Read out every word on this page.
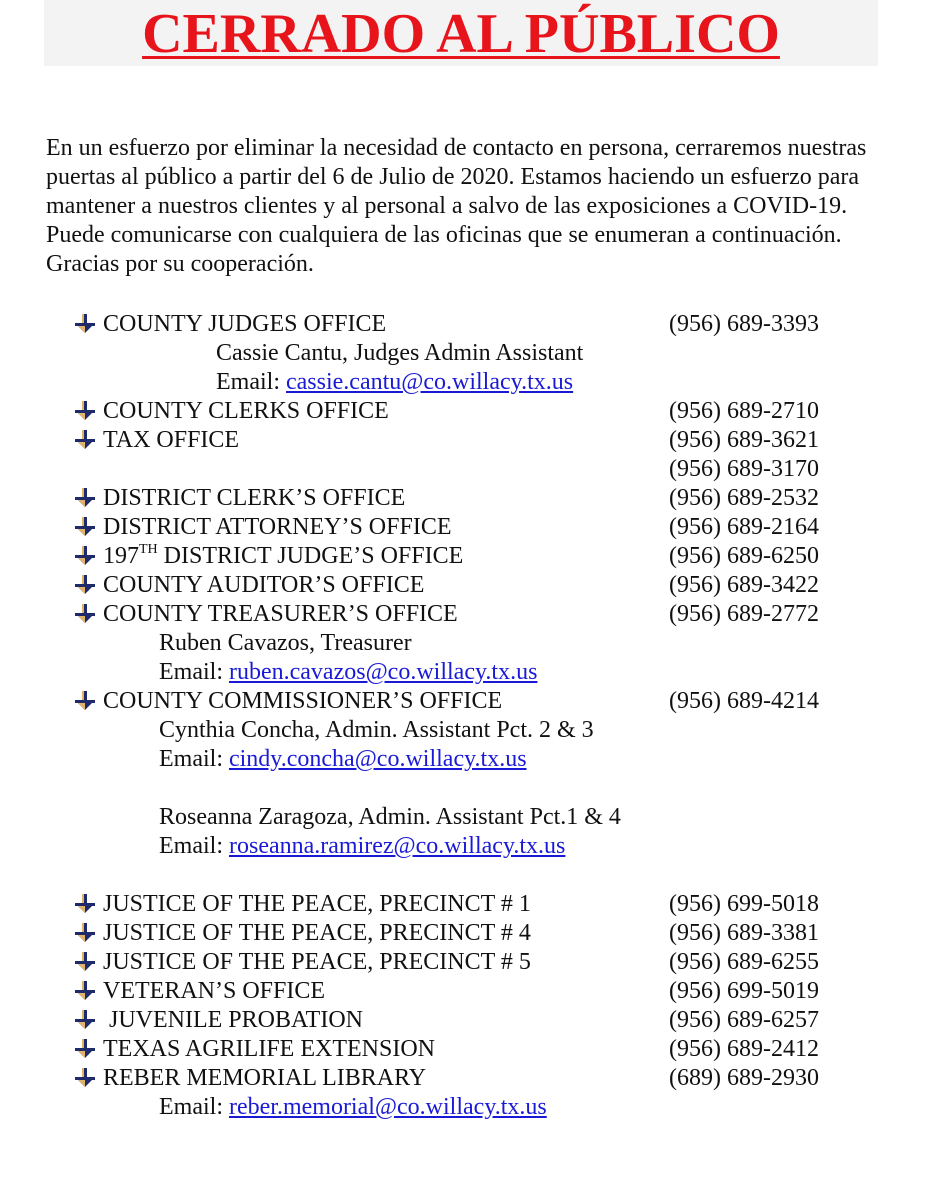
CERRADO AL PÚBLICO

En un esfuerzo por eliminar la necesidad de contacto en persona, cerraremos nuestras puertas al público a partir del 6 de Julio de 2020. Estamos haciendo un esfuerzo para mantener a nuestros clientes y al personal a salvo de las exposiciones a COVID-19. Puede comunicarse con cualquiera de las oficinas que se enumeran a continuación. Gracias por su cooperación.

COUNTY JUDGES OFFICE	(956) 689-3393
Cassie Cantu, Judges Admin Assistant
Email: cassie.cantu@co.willacy.tx.us
COUNTY CLERKS OFFICE	(956) 689-2710
TAX OFFICE	(956) 689-3621
(956) 689-3170
DISTRICT CLERK’S OFFICE	(956) 689-2532
DISTRICT ATTORNEY’S OFFICE	(956) 689-2164
197TH DISTRICT JUDGE’S OFFICE	(956) 689-6250
COUNTY AUDITOR’S OFFICE	(956) 689-3422
COUNTY TREASURER’S OFFICE	(956) 689-2772
Ruben Cavazos, Treasurer
Email: ruben.cavazos@co.willacy.tx.us
COUNTY COMMISSIONER’S OFFICE	(956) 689-4214
Cynthia Concha, Admin. Assistant Pct. 2 & 3
Email: cindy.concha@co.willacy.tx.us
Roseanna Zaragoza, Admin. Assistant Pct.1 & 4
Email: roseanna.ramirez@co.willacy.tx.us
JUSTICE OF THE PEACE, PRECINCT # 1	(956) 699-5018
JUSTICE OF THE PEACE, PRECINCT # 4	(956) 689-3381
JUSTICE OF THE PEACE, PRECINCT # 5	(956) 689-6255
VETERAN’S OFFICE	(956) 699-5019
JUVENILE PROBATION	(956) 689-6257
TEXAS AGRILIFE EXTENSION	(956) 689-2412
REBER MEMORIAL LIBRARY	(689) 689-2930
Email: reber.memorial@co.willacy.tx.us
